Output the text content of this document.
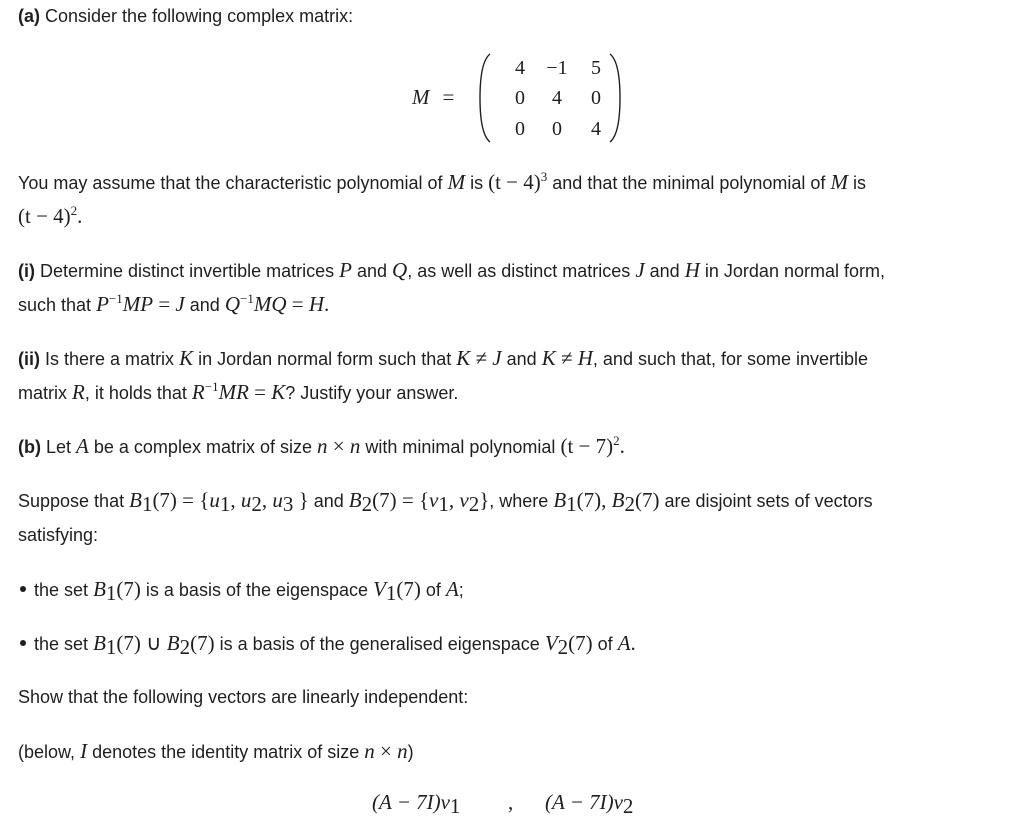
(a) Consider the following complex matrix:

M =
4	−1	5
0	4	0
0	0	4

You may assume that the characteristic polynomial of M is $(t - 4)^3$ and that the minimal polynomial of M is

$(t - 4)^2$.

(i) Determine distinct invertible matrices P and Q, as well as distinct matrices J and H in Jordan normal form,

such that $P^{-1}MP = J$ and $Q^{-1}MQ = H$.

(ii) Is there a matrix K in Jordan normal form such that K ≠ J and K ≠ H, and such that, for some invertible

matrix R, it holds that $R^{-1}MR = K$? Justify your answer.

(b) Let A be a complex matrix of size n × n with minimal polynomial $(t - 7)^2$.

Suppose that $B_1(7) = \{u_1$, $u_2$, $u_3$ } and $B_2(7) = \{v_1$, $v_2$}, where $B_1(7)$, $B_2(7)$ are disjoint sets of vectors

satisfying:

the set $B_1(7)$ is a basis of the eigenspace $V_1(7)$ of A;

the set $B_1(7)$ ∪ $B_2(7)$ is a basis of the generalised eigenspace $V_2(7)$ of A.

Show that the following vectors are linearly independent:

(below, I denotes the identity matrix of size n × n)

$(A - 7I)v_1$ , $(A - 7I)v_2$
